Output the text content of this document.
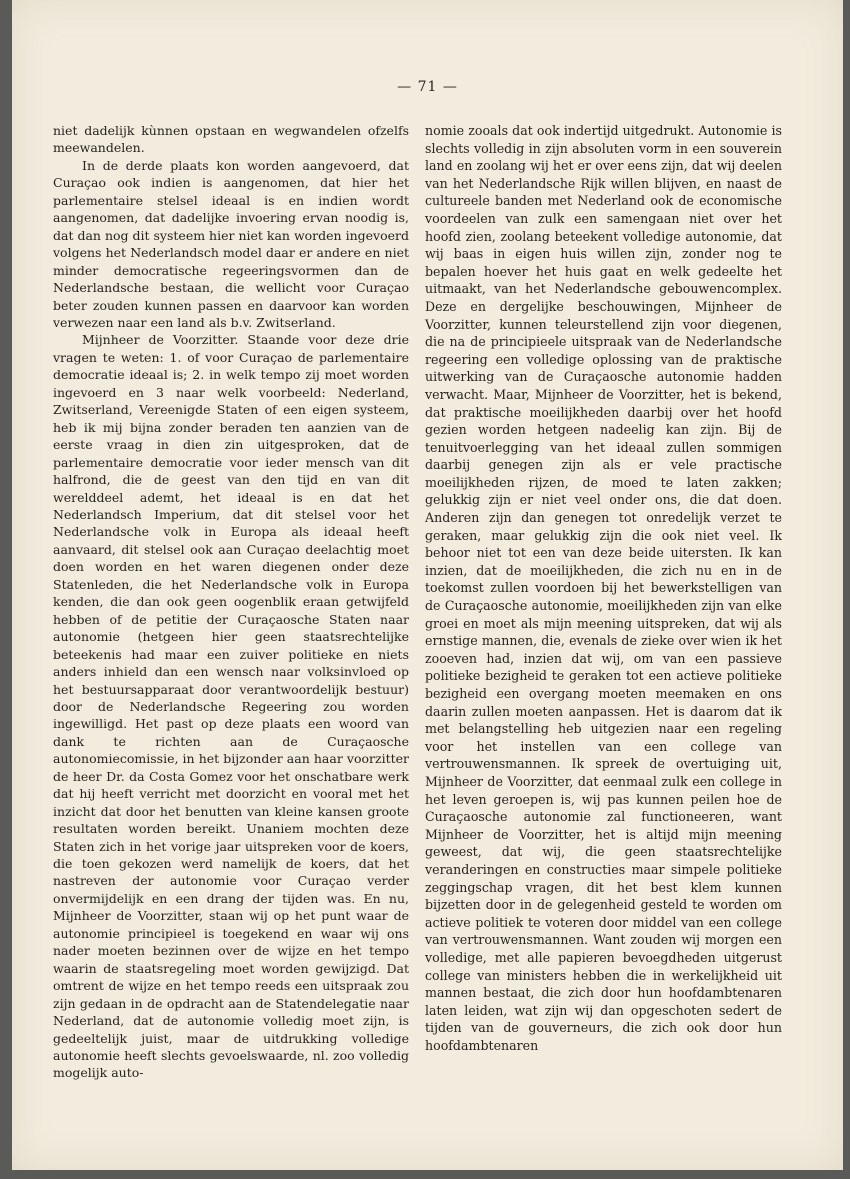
— 71 —

niet dadelijk kùnnen opstaan en wegwandelen ofzelfs meewandelen.

In de derde plaats kon worden aangevoerd, dat Curaçao ook indien is aangenomen, dat hier het parlementaire stelsel ideaal is en indien wordt aangenomen, dat dadelijke invoering ervan noodig is, dat dan nog dit systeem hier niet kan worden ingevoerd volgens het Nederlandsch model daar er andere en niet minder democratische regeeringsvormen dan de Nederlandsche bestaan, die wellicht voor Curaçao beter zouden kunnen passen en daarvoor kan worden verwezen naar een land als b.v. Zwitserland.

Mijnheer de Voorzitter. Staande voor deze drie vragen te weten: 1. of voor Curaçao de parlementaire democratie ideaal is; 2. in welk tempo zij moet worden ingevoerd en 3 naar welk voorbeeld: Nederland, Zwitserland, Vereenigde Staten of een eigen systeem, heb ik mij bijna zonder beraden ten aanzien van de eerste vraag in dien zin uitgesproken, dat de parlementaire democratie voor ieder mensch van dit halfrond, die de geest van den tijd en van dit werelddeel ademt, het ideaal is en dat het Nederlandsch Imperium, dat dit stelsel voor het Nederlandsche volk in Europa als ideaal heeft aanvaard, dit stelsel ook aan Curaçao deelachtig moet doen worden en het waren diegenen onder deze Statenleden, die het Nederlandsche volk in Europa kenden, die dan ook geen oogenblik eraan getwijfeld hebben of de petitie der Curaçaosche Staten naar autonomie (hetgeen hier geen staatsrechtelijke beteekenis had maar een zuiver politieke en niets anders inhield dan een wensch naar volksinvloed op het bestuursapparaat door verantwoordelijk bestuur) door de Nederlandsche Regeering zou worden ingewilligd. Het past op deze plaats een woord van dank te richten aan de Curaçaosche autonomiecomissie, in het bijzonder aan haar voorzitter de heer Dr. da Costa Gomez voor het onschatbare werk dat hij heeft verricht met doorzicht en vooral met het inzicht dat door het benutten van kleine kansen groote resultaten worden bereikt. Unaniem mochten deze Staten zich in het vorige jaar uitspreken voor de koers, die toen gekozen werd namelijk de koers, dat het nastreven der autonomie voor Curaçao verder onvermijdelijk en een drang der tijden was. En nu, Mijnheer de Voorzitter, staan wij op het punt waar de autonomie principieel is toegekend en waar wij ons nader moeten bezinnen over de wijze en het tempo waarin de staatsregeling moet worden gewijzigd. Dat omtrent de wijze en het tempo reeds een uitspraak zou zijn gedaan in de opdracht aan de Statendelegatie naar Nederland, dat de autonomie volledig moet zijn, is gedeeltelijk juist, maar de uitdrukking volledige autonomie heeft slechts gevoelswaarde, nl. zoo volledig mogelijk auto-

nomie zooals dat ook indertijd uitgedrukt. Autonomie is slechts volledig in zijn absoluten vorm in een souverein land en zoolang wij het er over eens zijn, dat wij deelen van het Nederlandsche Rijk willen blijven, en naast de cultureele banden met Nederland ook de economische voordeelen van zulk een samengaan niet over het hoofd zien, zoolang beteekent volledige autonomie, dat wij baas in eigen huis willen zijn, zonder nog te bepalen hoever het huis gaat en welk gedeelte het uitmaakt, van het Nederlandsche gebouwencomplex. Deze en dergelijke beschouwingen, Mijnheer de Voorzitter, kunnen teleurstellend zijn voor diegenen, die na de principieele uitspraak van de Nederlandsche regeering een volledige oplossing van de praktische uitwerking van de Curaçaosche autonomie hadden verwacht. Maar, Mijnheer de Voorzitter, het is bekend, dat praktische moeilijkheden daarbij over het hoofd gezien worden hetgeen nadeelig kan zijn. Bij de tenuitvoerlegging van het ideaal zullen sommigen daarbij genegen zijn als er vele practische moeilijkheden rijzen, de moed te laten zakken; gelukkig zijn er niet veel onder ons, die dat doen. Anderen zijn dan genegen tot onredelijk verzet te geraken, maar gelukkig zijn die ook niet veel. Ik behoor niet tot een van deze beide uitersten. Ik kan inzien, dat de moeilijkheden, die zich nu en in de toekomst zullen voordoen bij het bewerkstelligen van de Curaçaosche autonomie, moeilijkheden zijn van elke groei en moet als mijn meening uitspreken, dat wij als ernstige mannen, die, evenals de zieke over wien ik het zooeven had, inzien dat wij, om van een passieve politieke bezigheid te geraken tot een actieve politieke bezigheid een overgang moeten meemaken en ons daarin zullen moeten aanpassen. Het is daarom dat ik met belangstelling heb uitgezien naar een regeling voor het instellen van een college van vertrouwensmannen. Ik spreek de overtuiging uit, Mijnheer de Voorzitter, dat eenmaal zulk een college in het leven geroepen is, wij pas kunnen peilen hoe de Curaçaosche autonomie zal functioneeren, want Mijnheer de Voorzitter, het is altijd mijn meening geweest, dat wij, die geen staatsrechtelijke veranderingen en constructies maar simpele politieke zeggingschap vragen, dit het best klem kunnen bijzetten door in de gelegenheid gesteld te worden om actieve politiek te voteren door middel van een college van vertrouwensmannen. Want zouden wij morgen een volledige, met alle papieren bevoegdheden uitgerust college van ministers hebben die in werkelijkheid uit mannen bestaat, die zich door hun hoofdambtenaren laten leiden, wat zijn wij dan opgeschoten sedert de tijden van de gouverneurs, die zich ook door hun hoofdambtenaren
